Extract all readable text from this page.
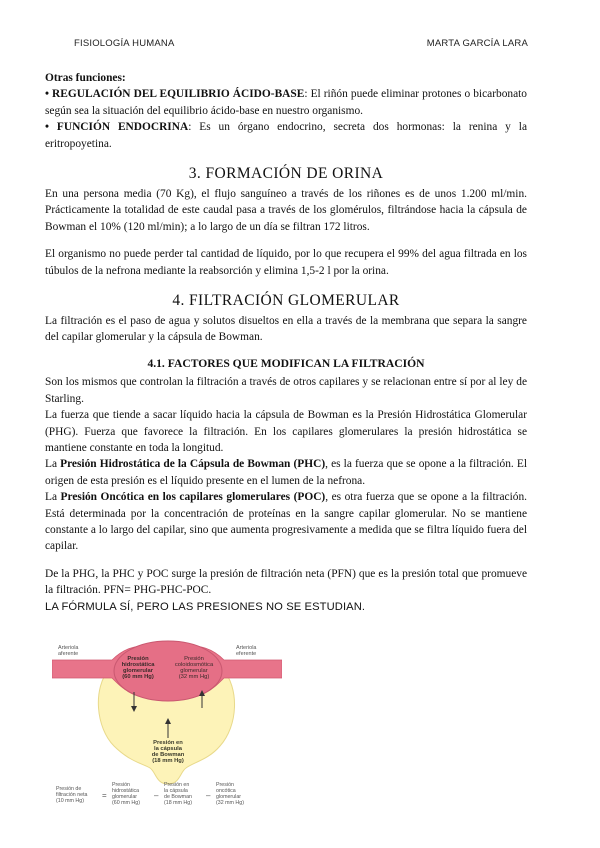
FISIOLOGÍA HUMANA	MARTA GARCÍA LARA

Otras funciones:

• REGULACIÓN DEL EQUILIBRIO ÁCIDO-BASE: El riñón puede eliminar protones o bicarbonato según sea la situación del equilibrio ácido-base en nuestro organismo.

• FUNCIÓN ENDOCRINA: Es un órgano endocrino, secreta dos hormonas: la renina y la eritropoyetina.

3. FORMACIÓN DE ORINA

En una persona media (70 Kg), el flujo sanguíneo a través de los riñones es de unos 1.200 ml/min. Prácticamente la totalidad de este caudal pasa a través de los glomérulos, filtrándose hacia la cápsula de Bowman el 10% (120 ml/min); a lo largo de un día se filtran 172 litros.

El organismo no puede perder tal cantidad de líquido, por lo que recupera el 99% del agua filtrada en los túbulos de la nefrona mediante la reabsorción y elimina 1,5-2 l por la orina.

4. FILTRACIÓN GLOMERULAR

La filtración es el paso de agua y solutos disueltos en ella a través de la membrana que separa la sangre del capilar glomerular y la cápsula de Bowman.

4.1. FACTORES QUE MODIFICAN LA FILTRACIÓN

Son los mismos que controlan la filtración a través de otros capilares y se relacionan entre sí por al ley de Starling.

La fuerza que tiende a sacar líquido hacia la cápsula de Bowman es la Presión Hidrostática Glomerular (PHG). Fuerza que favorece la filtración. En los capilares glomerulares la presión hidrostática se mantiene constante en toda la longitud.

La Presión Hidrostática de la Cápsula de Bowman (PHC), es la fuerza que se opone a la filtración. El origen de esta presión es el líquido presente en el lumen de la nefrona.

La Presión Oncótica en los capilares glomerulares (POC), es otra fuerza que se opone a la filtración. Está determinada por la concentración de proteínas en la sangre capilar glomerular. No se mantiene constante a lo largo del capilar, sino que aumenta progresivamente a medida que se filtra líquido fuera del capilar.

De la PHG, la PHC y POC surge la presión de filtración neta (PFN) que es la presión total que promueve la filtración. PFN= PHG-PHC-POC.

LA FÓRMULA SÍ, PERO LAS PRESIONES NO SE ESTUDIAN.

Arteriola aferente
Arteriola eferente
Presión hidrostática glomerular (60 mm Hg)
Presión coloidosmótica glomerular (32 mm Hg)
Presión en la cápsula de Bowman (18 mm Hg)
Presión de filtración neta (10 mm Hg)
=
Presión hidrostática glomerular (60 mm Hg)
–
Presión en la cápsula de Bowman (18 mm Hg)
–
Presión oncótica glomerular (32 mm Hg)
